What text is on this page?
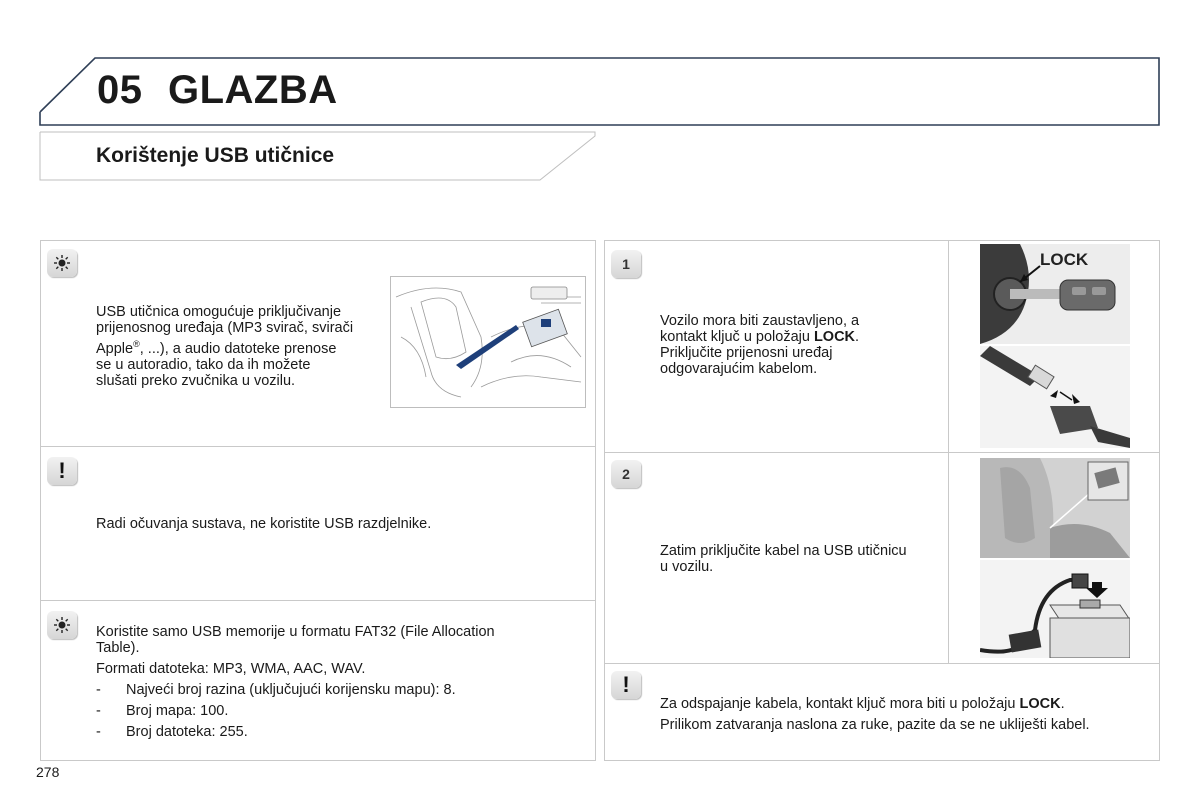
05 GLAZBA
Korištenje USB utičnice
USB utičnica omogućuje priključivanje
prijenosnog uređaja (MP3 svirač, svirači
Apple®, ...), a audio datoteke prenose
se u autoradio, tako da ih možete
slušati preko zvučnika u vozilu.
!
Radi očuvanja sustava, ne koristite USB razdjelnike.
Koristite samo USB memorije u formatu FAT32 (File Allocation
Table).
Formati datoteka: MP3, WMA, AAC, WAV.
- Najveći broj razina (uključujući korijensku mapu): 8.
- Broj mapa: 100.
- Broj datoteka: 255.
1
Vozilo mora biti zaustavljeno, a
kontakt ključ u položaju LOCK.
Priključite prijenosni uređaj
odgovarajućim kabelom.
LOCK
2
Zatim priključite kabel na USB utičnicu
u vozilu.
!
Za odspajanje kabela, kontakt ključ mora biti u položaju LOCK.
Prilikom zatvaranja naslona za ruke, pazite da se ne ukliješti kabel.
278
